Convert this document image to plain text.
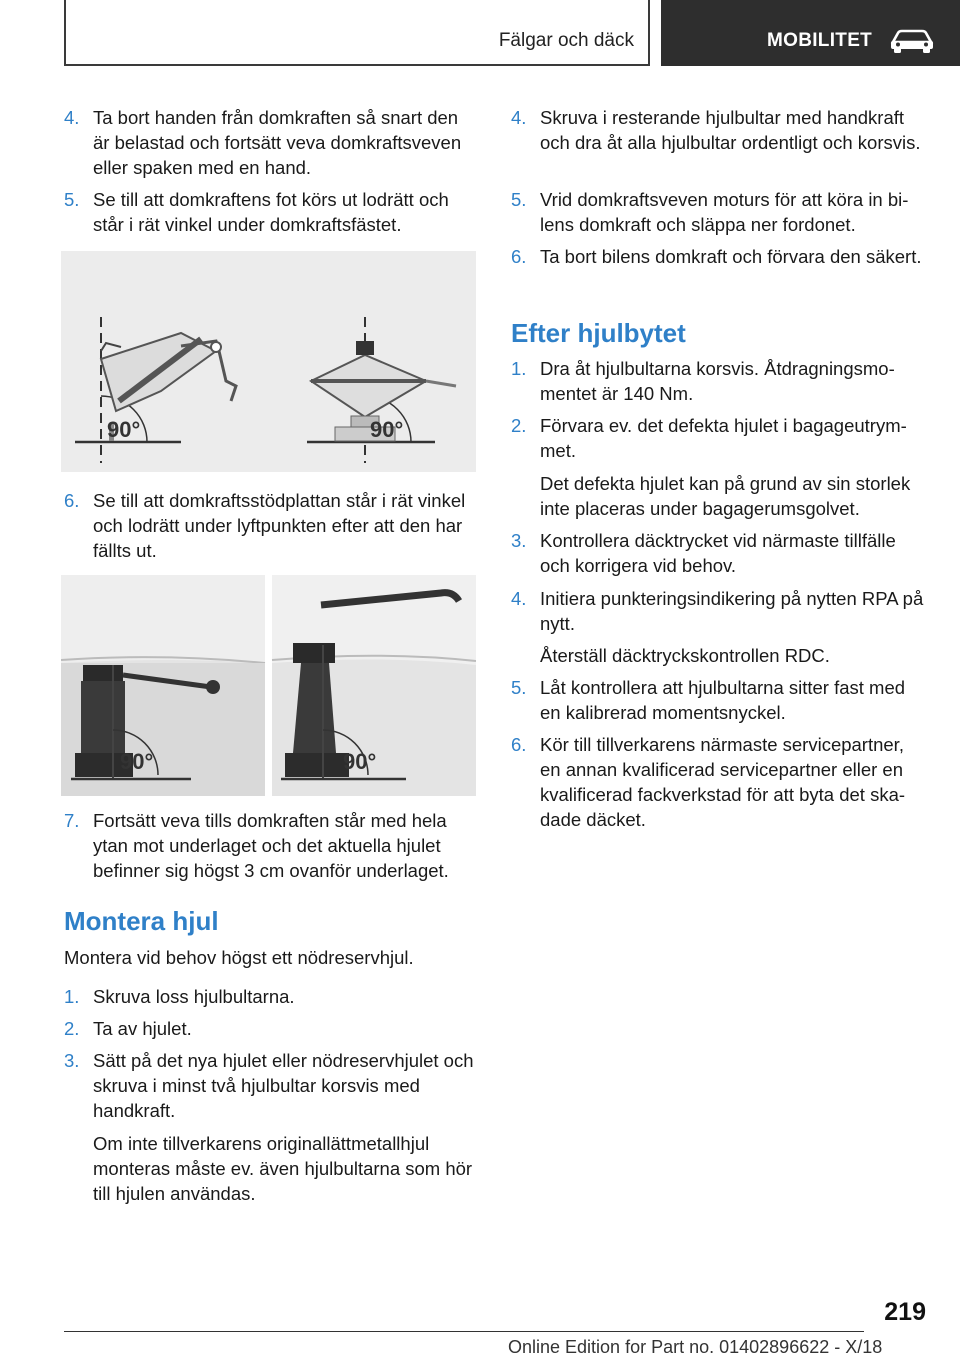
Fälgar och däck	MOBILITET
4. Ta bort handen från domkraften så snart den är belastad och fortsätt veva domkraftsveven eller spaken med en hand.
5. Se till att domkraftens fot körs ut lodrätt och står i rät vinkel under domkraftsfästet.
90°	90°
6. Se till att domkraftsstödplattan står i rät vinkel och lodrätt under lyftpunkten efter att den har fällts ut.
90°	90°
7. Fortsätt veva tills domkraften står med hela ytan mot underlaget och det aktuella hjulet befinner sig högst 3 cm ovanför underlaget.
Montera hjul
Montera vid behov högst ett nödreservhjul.
1. Skruva loss hjulbultarna.
2. Ta av hjulet.
3. Sätt på det nya hjulet eller nödreservhjulet och skruva i minst två hjulbultar korsvis med handkraft.
Om inte tillverkarens originallättmetallhjul monteras måste ev. även hjulbultarna som hör till hjulen användas.
4. Skruva i resterande hjulbultar med handkraft och dra åt alla hjulbultar ordentligt och korsvis.
5. Vrid domkraftsveven moturs för att köra in bilens domkraft och släppa ner fordonet.
6. Ta bort bilens domkraft och förvara den säkert.
Efter hjulbytet
1. Dra åt hjulbultarna korsvis. Åtdragningsmomentet är 140 Nm.
2. Förvara ev. det defekta hjulet i bagageutrymmet.
Det defekta hjulet kan på grund av sin storlek inte placeras under bagagerumsgolvet.
3. Kontrollera däcktrycket vid närmaste tillfälle och korrigera vid behov.
4. Initiera punkteringsindikering på nytten RPA på nytt.
Återställ däcktryckskontrollen RDC.
5. Låt kontrollera att hjulbultarna sitter fast med en kalibrerad momentsnyckel.
6. Kör till tillverkarens närmaste servicepartner, en annan kvalificerad servicepartner eller en kvalificerad fackverkstad för att byta det skadade däcket.
219
Online Edition for Part no. 01402896622 - X/18
